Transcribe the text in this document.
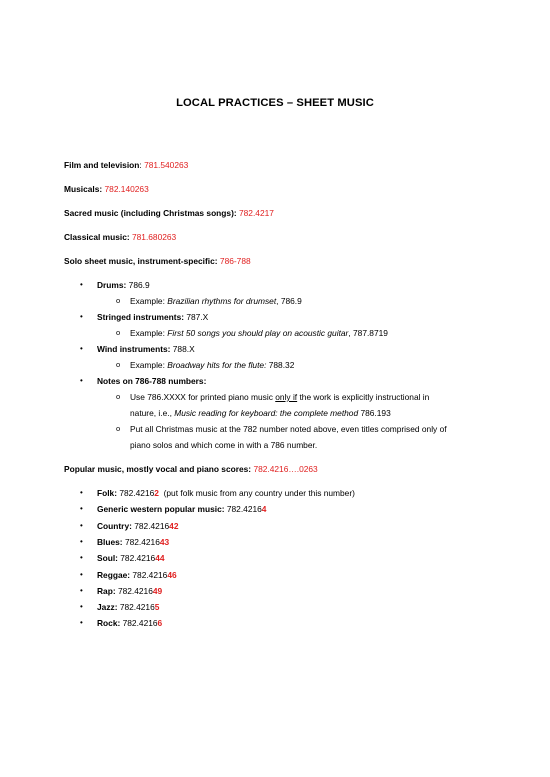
LOCAL PRACTICES – SHEET MUSIC
Film and television: 781.540263
Musicals: 782.140263
Sacred music (including Christmas songs): 782.4217
Classical music: 781.680263
Solo sheet music, instrument-specific: 786-788
• Drums: 786.9
o Example: Brazilian rhythms for drumset, 786.9
• Stringed instruments: 787.X
o Example: First 50 songs you should play on acoustic guitar, 787.8719
• Wind instruments: 788.X
o Example: Broadway hits for the flute: 788.32
• Notes on 786-788 numbers:
o Use 786.XXXX for printed piano music only if the work is explicitly instructional in
nature, i.e., Music reading for keyboard: the complete method 786.193
o Put all Christmas music at the 782 number noted above, even titles comprised only of
piano solos and which come in with a 786 number.
Popular music, mostly vocal and piano scores: 782.4216….0263
• Folk: 782.42162  (put folk music from any country under this number)
• Generic western popular music: 782.42164
• Country: 782.421642
• Blues: 782.421643
• Soul: 782.421644
• Reggae: 782.421646
• Rap: 782.421649
• Jazz: 782.42165
• Rock: 782.42166
